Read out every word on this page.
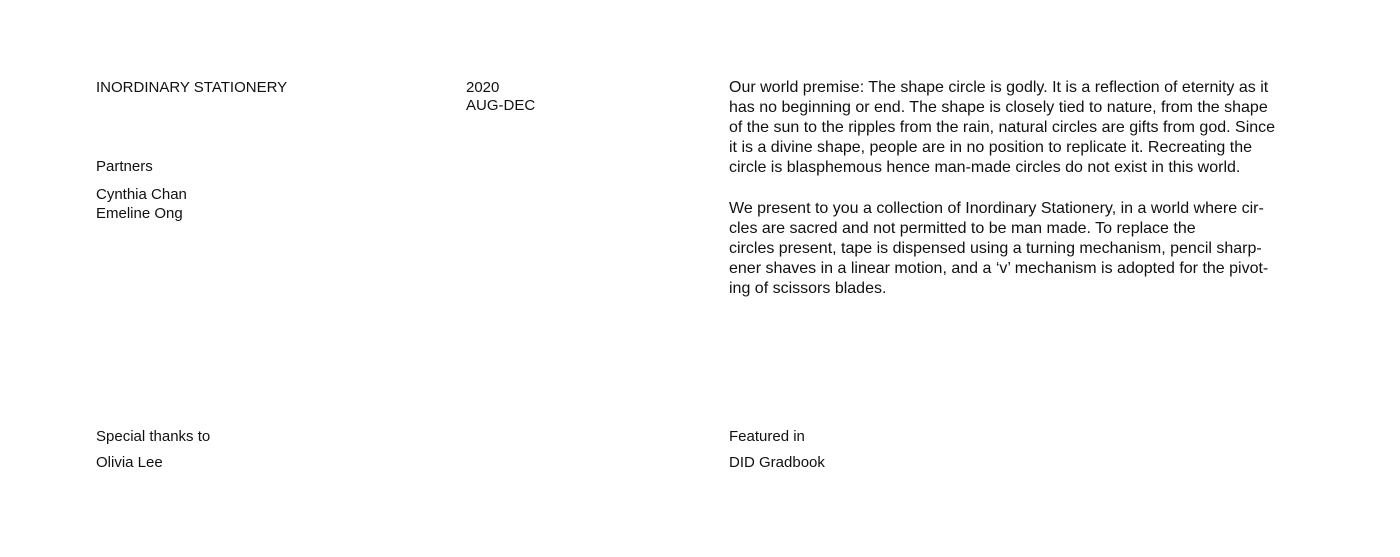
INORDINARY STATIONERY
Partners
Cynthia Chan
Emeline Ong
Special thanks to
Olivia Lee
2020
AUG-DEC
Our world premise: The shape circle is godly. It is a reflection of eternity as it
has no beginning or end. The shape is closely tied to nature, from the shape
of the sun to the ripples from the rain, natural circles are gifts from god. Since
it is a divine shape, people are in no position to replicate it. Recreating the
circle is blasphemous hence man-made circles do not exist in this world.
We present to you a collection of Inordinary Stationery, in a world where cir-
cles are sacred and not permitted to be man made. To replace the
circles present, tape is dispensed using a turning mechanism, pencil sharp-
ener shaves in a linear motion, and a ‘v’ mechanism is adopted for the pivot-
ing of scissors blades.
Featured in
DID Gradbook
